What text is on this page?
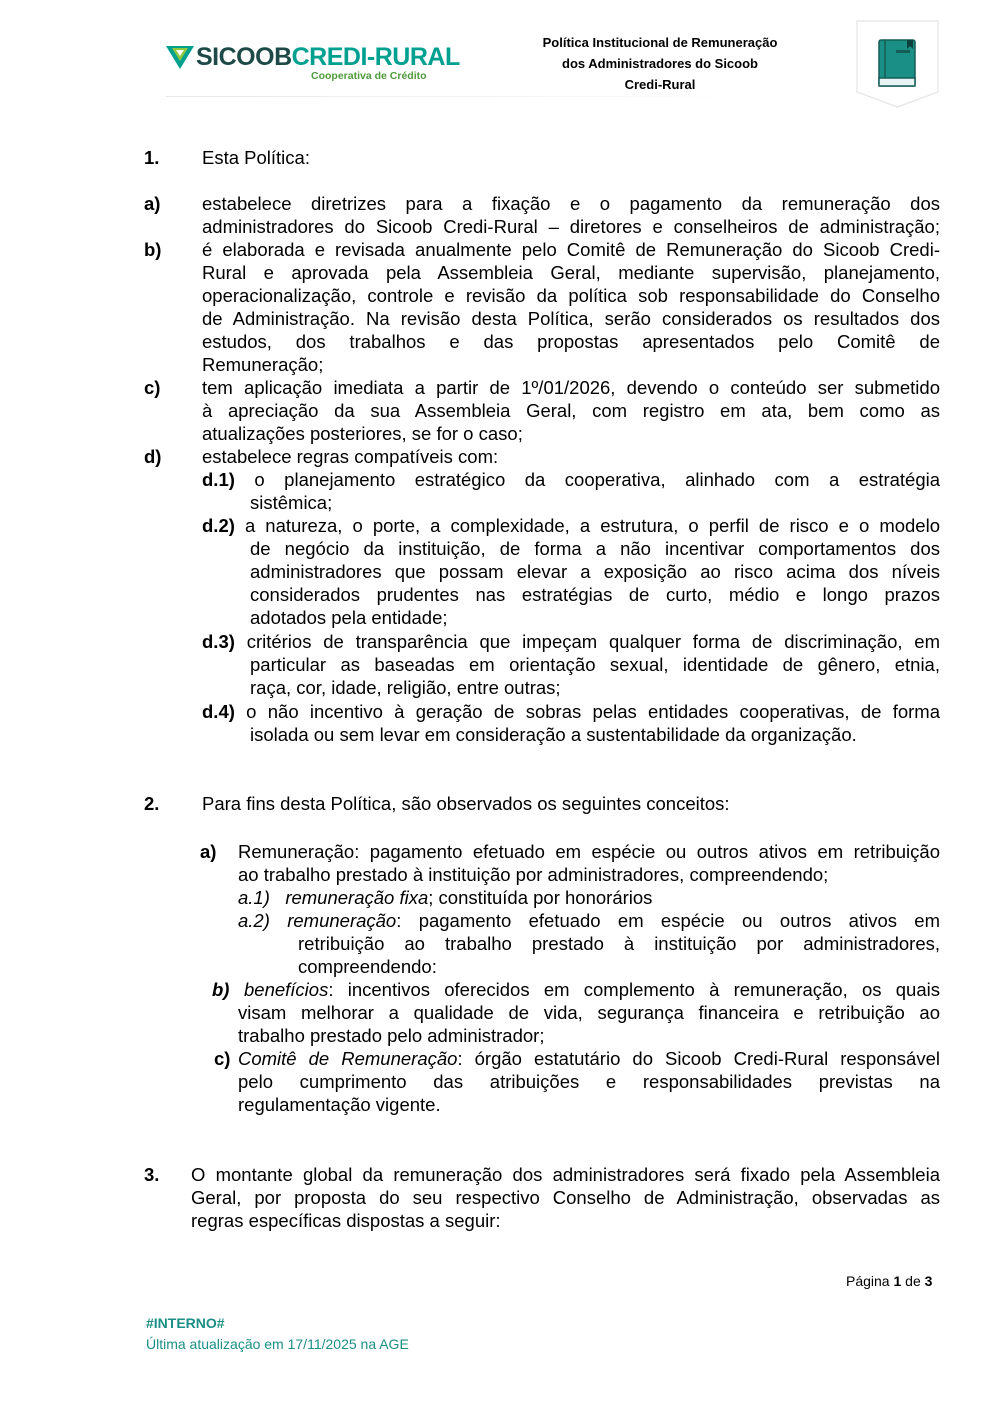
SICOOBCREDI-RURAL
Cooperativa de Crédito
Política Institucional de Remuneração
dos Administradores do Sicoob
Credi-Rural
1. Esta Política:
a) estabelece diretrizes para a fixação e o pagamento da remuneração dos
administradores do Sicoob Credi-Rural – diretores e conselheiros de administração;
b) é elaborada e revisada anualmente pelo Comitê de Remuneração do Sicoob Credi-
Rural e aprovada pela Assembleia Geral, mediante supervisão, planejamento,
operacionalização, controle e revisão da política sob responsabilidade do Conselho
de Administração. Na revisão desta Política, serão considerados os resultados dos
estudos, dos trabalhos e das propostas apresentados pelo Comitê de
Remuneração;
c) tem aplicação imediata a partir de 1º/01/2026, devendo o conteúdo ser submetido
à apreciação da sua Assembleia Geral, com registro em ata, bem como as
atualizações posteriores, se for o caso;
d) estabelece regras compatíveis com:
d.1) o planejamento estratégico da cooperativa, alinhado com a estratégia
sistêmica;
d.2) a natureza, o porte, a complexidade, a estrutura, o perfil de risco e o modelo
de negócio da instituição, de forma a não incentivar comportamentos dos
administradores que possam elevar a exposição ao risco acima dos níveis
considerados prudentes nas estratégias de curto, médio e longo prazos
adotados pela entidade;
d.3) critérios de transparência que impeçam qualquer forma de discriminação, em
particular as baseadas em orientação sexual, identidade de gênero, etnia,
raça, cor, idade, religião, entre outras;
d.4) o não incentivo à geração de sobras pelas entidades cooperativas, de forma
isolada ou sem levar em consideração a sustentabilidade da organização.
2. Para fins desta Política, são observados os seguintes conceitos:
a) Remuneração: pagamento efetuado em espécie ou outros ativos em retribuição
ao trabalho prestado à instituição por administradores, compreendendo;
a.1) remuneração fixa; constituída por honorários
a.2) remuneração: pagamento efetuado em espécie ou outros ativos em
retribuição ao trabalho prestado à instituição por administradores,
compreendendo:
b) benefícios: incentivos oferecidos em complemento à remuneração, os quais
visam melhorar a qualidade de vida, segurança financeira e retribuição ao
trabalho prestado pelo administrador;
c) Comitê de Remuneração: órgão estatutário do Sicoob Credi-Rural responsável
pelo cumprimento das atribuições e responsabilidades previstas na
regulamentação vigente.
3. O montante global da remuneração dos administradores será fixado pela Assembleia
Geral, por proposta do seu respectivo Conselho de Administração, observadas as
regras específicas dispostas a seguir:
Página 1 de 3
#INTERNO#
Última atualização em 17/11/2025 na AGE
